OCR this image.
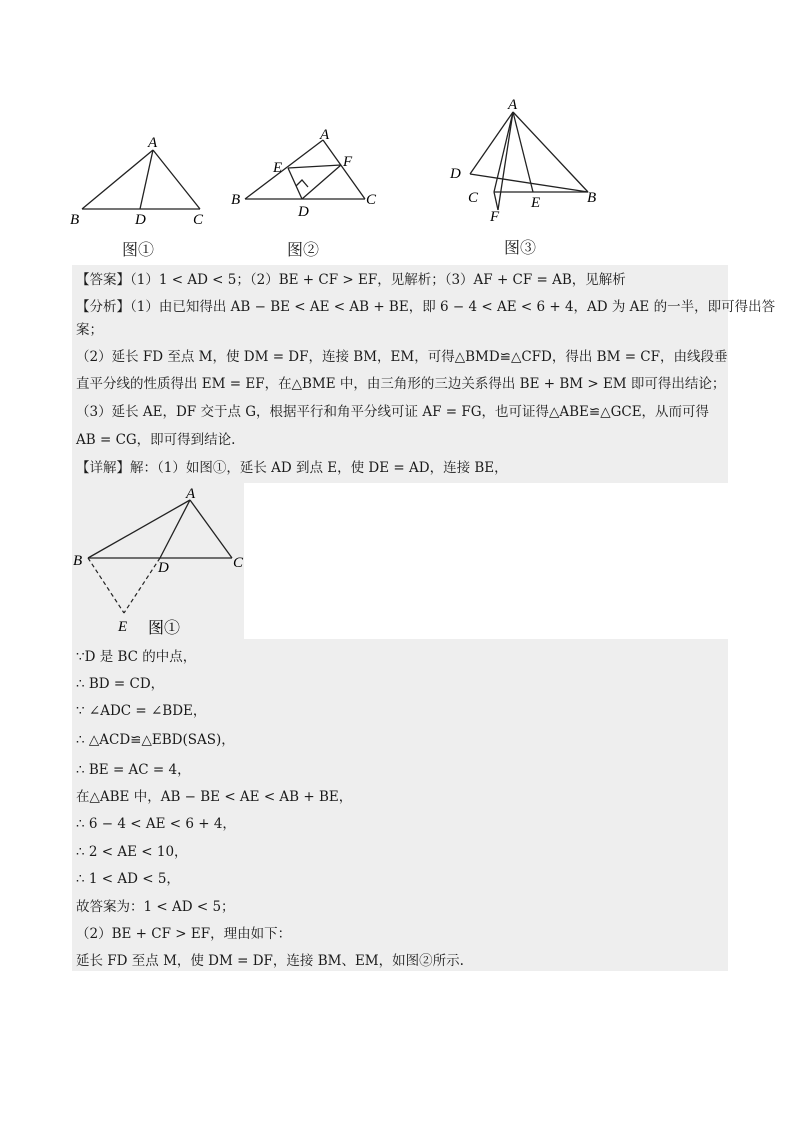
A
B	D	C
图①
A
E	F
B
D
C
图②
A
D
C	E	B
F
图③
【答案】（1）1 < AD < 5；（2）BE + CF > EF，见解析；（3）AF + CF = AB，见解析
【分析】（1）由已知得出 AB − BE < AE < AB + BE，即 6 − 4 < AE < 6 + 4，AD 为 AE 的一半，即可得出答
案；
（2）延长 FD 至点 M，使 DM = DF，连接 BM，EM，可得△BMD≌△CFD，得出 BM = CF，由线段垂
直平分线的性质得出 EM = EF，在△BME 中，由三角形的三边关系得出 BE + BM > EM 即可得出结论；
（3）延长 AE，DF 交于点 G，根据平行和角平分线可证 AF = FG，也可证得△ABE≌△GCE，从而可得
AB = CG，即可得到结论.
【详解】解：（1）如图①，延长 AD 到点 E，使 DE = AD，连接 BE，
A
B	D	C
E 图①
∵D 是 BC 的中点，
∴ BD = CD，
∵ ∠ADC = ∠BDE，
∴ △ACD≌△EBD(SAS)，
∴ BE = AC = 4，
在△ABE 中，AB − BE < AE < AB + BE，
∴ 6 − 4 < AE < 6 + 4，
∴ 2 < AE < 10，
∴ 1 < AD < 5，
故答案为：1 < AD < 5；
（2）BE + CF > EF，理由如下：
延长 FD 至点 M，使 DM = DF，连接 BM、EM，如图②所示.
